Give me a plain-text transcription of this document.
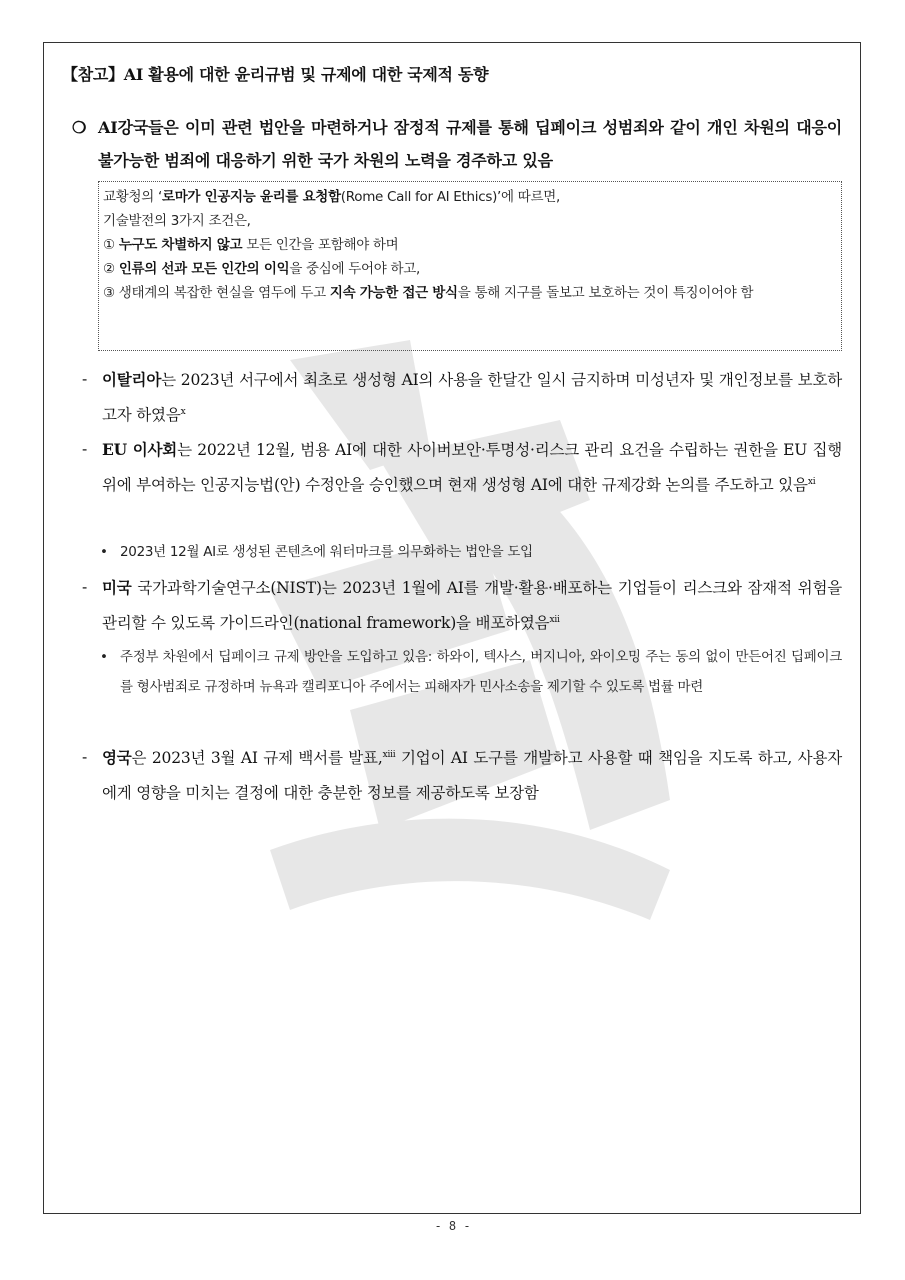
【참고】AI 활용에 대한 윤리규범 및 규제에 대한 국제적 동향
❍ AI강국들은 이미 관련 법안을 마련하거나 잠정적 규제를 통해 딥페이크 성범죄와 같이 개인 차원의 대응이 불가능한 범죄에 대응하기 위한 국가 차원의 노력을 경주하고 있음

교황청의 ‘로마가 인공지능 윤리를 요청함(Rome Call for AI Ethics)’에 따르면,

기술발전의 3가지 조건은,

① 누구도 차별하지 않고 모든 인간을 포함해야 하며

② 인류의 선과 모든 인간의 이익을 중심에 두어야 하고,

③ 생태계의 복잡한 현실을 염두에 두고 지속 가능한 접근 방식을 통해 지구를 돌보고 보호하는 것이 특징이어야 함

- 이탈리아는 2023년 서구에서 최초로 생성형 AI의 사용을 한달간 일시 금지하며 미성년자 및 개인정보를 보호하고자 하였음$^x$
- EU 이사회는 2022년 12월, 범용 AI에 대한 사이버보안·투명성·리스크 관리 요건을 수립하는 권한을 EU 집행위에 부여하는 인공지능법(안) 수정안을 승인했으며 현재 생성형 AI에 대한 규제강화 논의를 주도하고 있음$^{xi}$
• 2023년 12월 AI로 생성된 콘텐츠에 워터마크를 의무화하는 법안을 도입
- 미국 국가과학기술연구소(NIST)는 2023년 1월에 AI를 개발·활용·배포하는 기업들이 리스크와 잠재적 위험을 관리할 수 있도록 가이드라인(national framework)을 배포하였음$^{xii}$
• 주정부 차원에서 딥페이크 규제 방안을 도입하고 있음: 하와이, 텍사스, 버지니아, 와이오밍 주는 동의 없이 만든어진 딥페이크를 형사범죄로 규정하며 뉴욕과 캘리포니아 주에서는 피해자가 민사소송을 제기할 수 있도록 법률 마련
- 영국은 2023년 3월 AI 규제 백서를 발표,$^{xiii}$ 기업이 AI 도구를 개발하고 사용할 때 책임을 지도록 하고, 사용자에게 영향을 미치는 결정에 대한 충분한 정보를 제공하도록 보장함
- 8 -
